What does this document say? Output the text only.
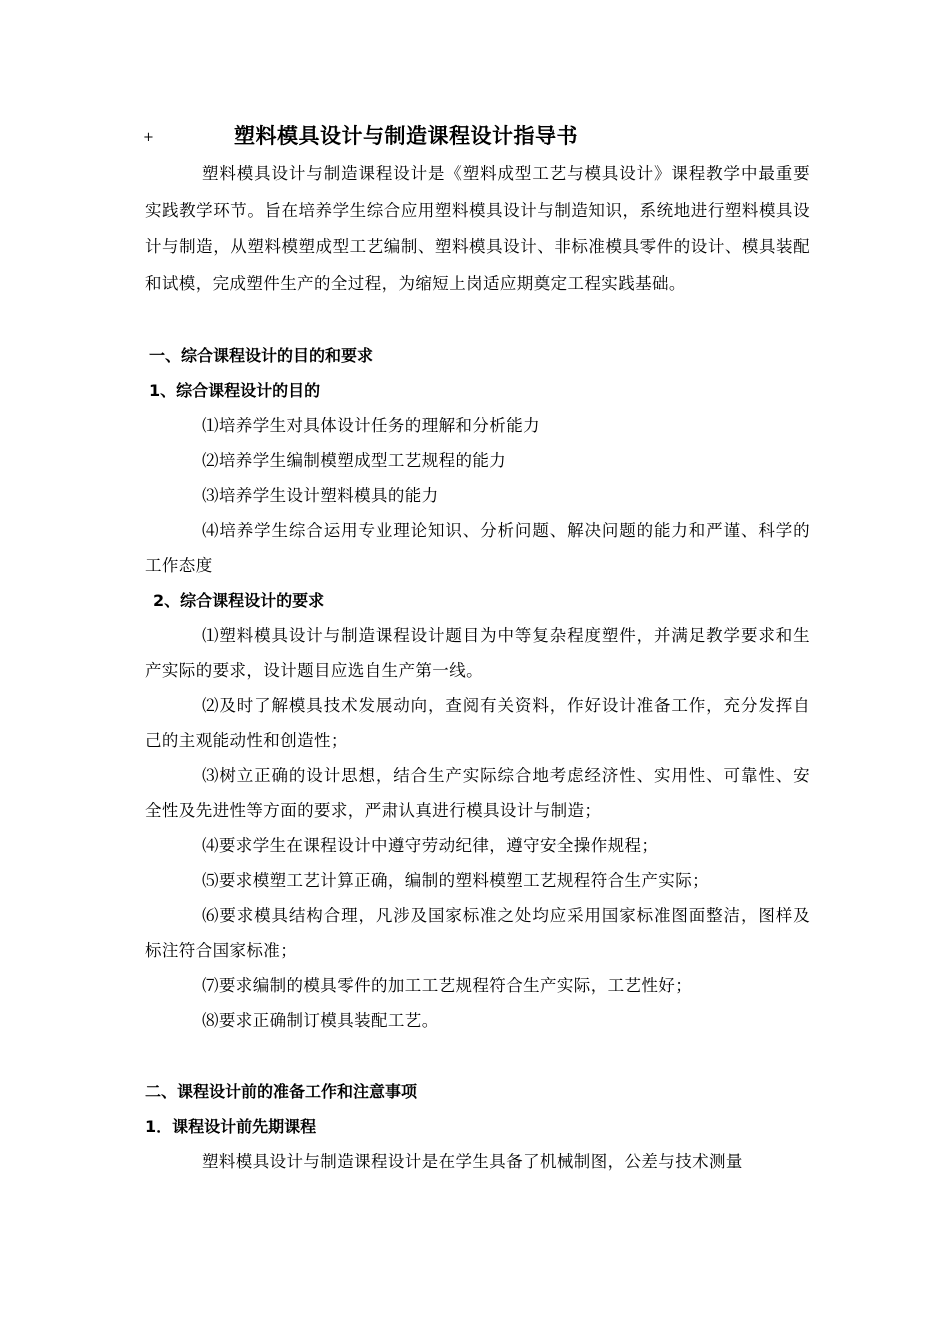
+	塑料模具设计与制造课程设计指导书

塑料模具设计与制造课程设计是《塑料成型工艺与模具设计》课程教学中最重要实践教学环节。旨在培养学生综合应用塑料模具设计与制造知识，系统地进行塑料模具设计与制造，从塑料模塑成型工艺编制、塑料模具设计、非标准模具零件的设计、模具装配和试模，完成塑件生产的全过程，为缩短上岗适应期奠定工程实践基础。

一、综合课程设计的目的和要求

1、综合课程设计的目的

⑴培养学生对具体设计任务的理解和分析能力

⑵培养学生编制模塑成型工艺规程的能力

⑶培养学生设计塑料模具的能力

⑷培养学生综合运用专业理论知识、分析问题、解决问题的能力和严谨、科学的工作态度

2、综合课程设计的要求

⑴塑料模具设计与制造课程设计题目为中等复杂程度塑件，并满足教学要求和生产实际的要求，设计题目应选自生产第一线。

⑵及时了解模具技术发展动向，查阅有关资料，作好设计准备工作，充分发挥自己的主观能动性和创造性；

⑶树立正确的设计思想，结合生产实际综合地考虑经济性、实用性、可靠性、安全性及先进性等方面的要求，严肃认真进行模具设计与制造；

⑷要求学生在课程设计中遵守劳动纪律，遵守安全操作规程；

⑸要求模塑工艺计算正确，编制的塑料模塑工艺规程符合生产实际；

⑹要求模具结构合理，凡涉及国家标准之处均应采用国家标准图面整洁，图样及标注符合国家标准；

⑺要求编制的模具零件的加工工艺规程符合生产实际，工艺性好；

⑻要求正确制订模具装配工艺。

二、课程设计前的准备工作和注意事项

1．课程设计前先期课程

塑料模具设计与制造课程设计是在学生具备了机械制图，公差与技术测量
